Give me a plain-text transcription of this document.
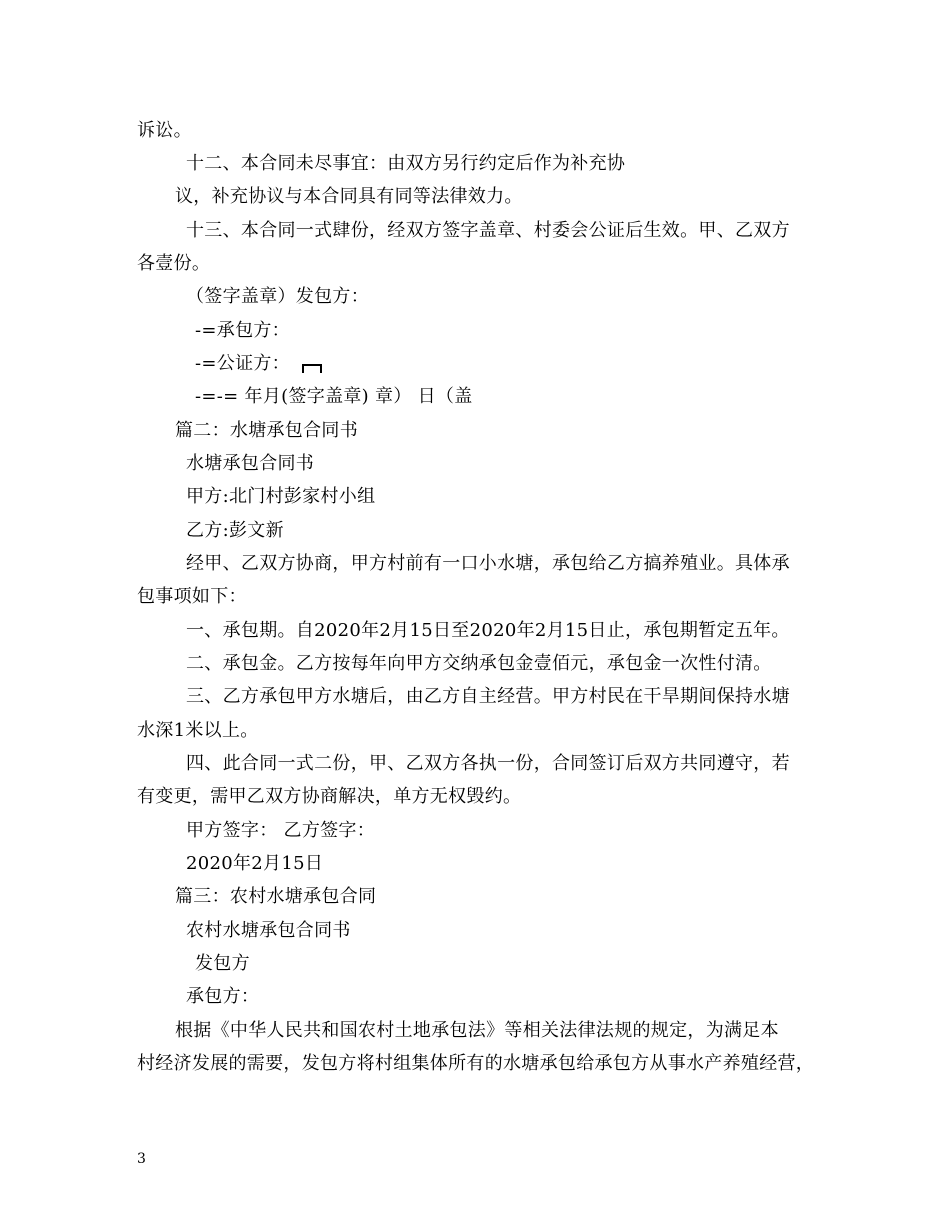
诉讼。
十二、本合同未尽事宜：由双方另行约定后作为补充协
议，补充协议与本合同具有同等法律效力。
十三、本合同一式肆份，经双方签字盖章、村委会公证后生效。甲、乙双方
各壹份。
（签字盖章）发包方：
-=承包方：
-=公证方：
-=-= 年月(签字盖章) 章） 日（盖
篇二：水塘承包合同书
水塘承包合同书
甲方:北门村彭家村小组
乙方:彭文新
经甲、乙双方协商，甲方村前有一口小水塘，承包给乙方搞养殖业。具体承
包事项如下：
一、承包期。自2020年2月15日至2020年2月15日止，承包期暂定五年。
二、承包金。乙方按每年向甲方交纳承包金壹佰元，承包金一次性付清。
三、乙方承包甲方水塘后，由乙方自主经营。甲方村民在干旱期间保持水塘
水深1米以上。
四、此合同一式二份，甲、乙双方各执一份，合同签订后双方共同遵守，若
有变更，需甲乙双方协商解决，单方无权毁约。
甲方签字： 乙方签字：
2020年2月15日
篇三：农村水塘承包合同
农村水塘承包合同书
发包方
承包方：
根据《中华人民共和国农村土地承包法》等相关法律法规的规定，为满足本
村经济发展的需要，发包方将村组集体所有的水塘承包给承包方从事水产养殖经营，
3
